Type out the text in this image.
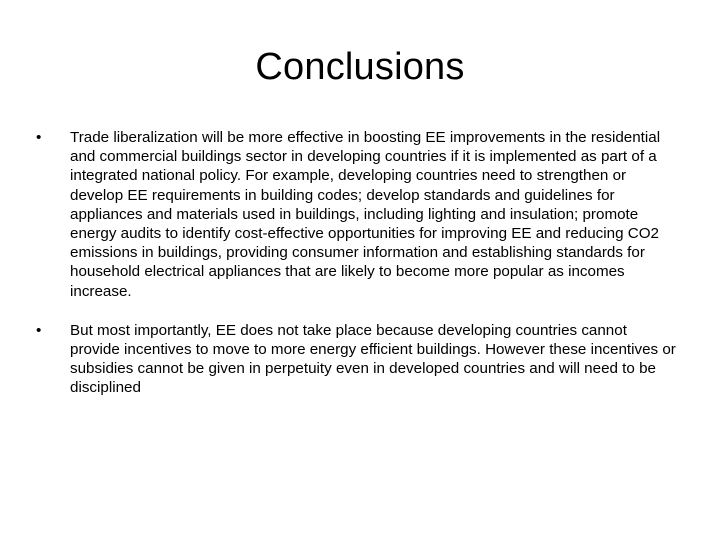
Conclusions
•	Trade liberalization will be more effective in boosting EE improvements in the residential and commercial buildings sector in developing countries if it is implemented as part of a integrated national policy. For example, developing countries need to strengthen or develop EE requirements in building codes; develop standards and guidelines for appliances and materials used in buildings, including lighting and insulation; promote energy audits to identify cost-effective opportunities for improving EE and reducing CO2 emissions in buildings, providing consumer information and establishing standards for household electrical appliances that are likely to become more popular as incomes increase.
•	But most importantly, EE does not take place because developing countries cannot provide incentives to move to more energy efficient buildings. However these incentives or subsidies cannot be given in perpetuity even in developed countries and will need to be disciplined
